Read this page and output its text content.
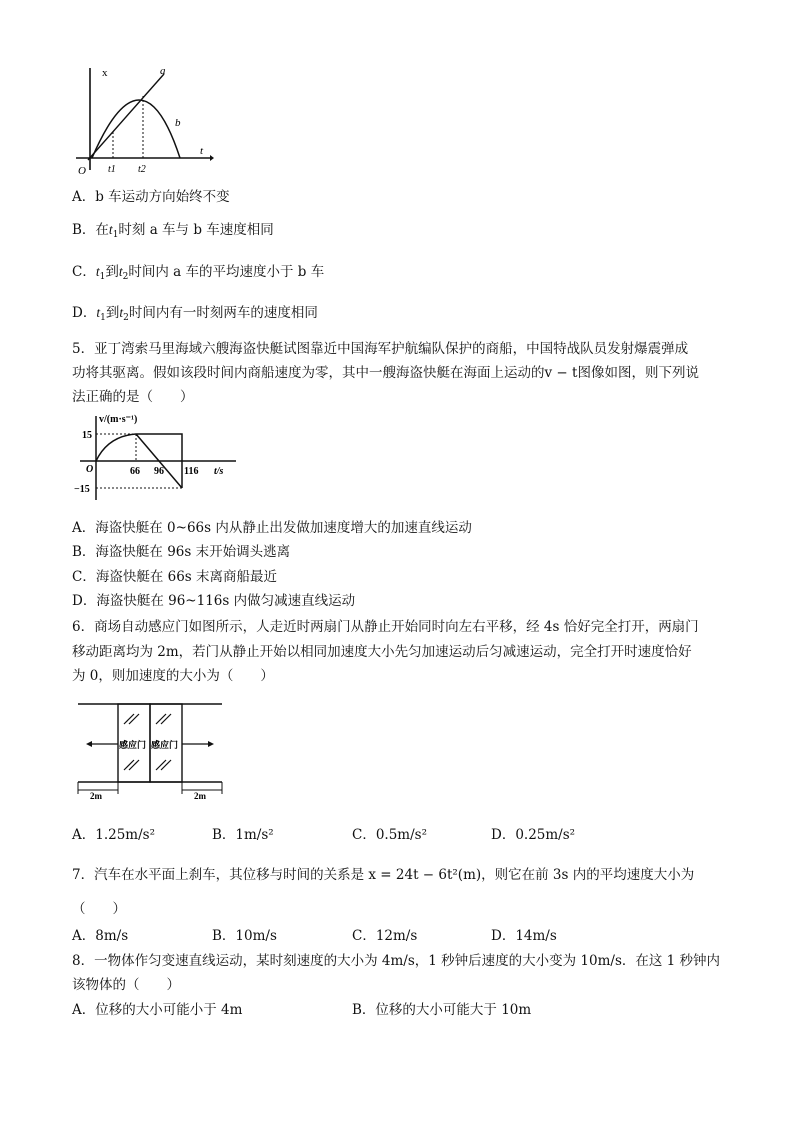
x
O
t
a
b
t1 t2
A．b 车运动方向始终不变
B．在$t_1$时刻 a 车与 b 车速度相同
C．$t_1$到$t_2$时间内 a 车的平均速度小于 b 车
D．$t_1$到$t_2$时间内有一时刻两车的速度相同
5．亚丁湾索马里海域六艘海盗快艇试图靠近中国海军护航编队保护的商船，中国特战队员发射爆震弹成
功将其驱离。假如该段时间内商船速度为零，其中一艘海盗快艇在海面上运动的v − t图像如图，则下列说
法正确的是（　　）
v/(m·s⁻¹)
15
−15
O	66 96 116 t/s
A．海盗快艇在 0~66s 内从静止出发做加速度增大的加速直线运动
B．海盗快艇在 96s 末开始调头逃离
C．海盗快艇在 66s 末离商船最近
D．海盗快艇在 96~116s 内做匀减速直线运动
6．商场自动感应门如图所示，人走近时两扇门从静止开始同时向左右平移，经 4s 恰好完全打开，两扇门
移动距离均为 2m，若门从静止开始以相同加速度大小先匀加速运动后匀减速运动，完全打开时速度恰好
为 0，则加速度的大小为（　　）
感应门 感应门
2m	2m
A．1.25m/s²	B．1m/s²	C．0.5m/s²	D．0.25m/s²
7．汽车在水平面上刹车，其位移与时间的关系是 x = 24t − 6t²(m)，则它在前 3s 内的平均速度大小为
（　　）
A．8m/s	B．10m/s	C．12m/s	D．14m/s
8．一物体作匀变速直线运动，某时刻速度的大小为 4m/s，1 秒钟后速度的大小变为 10m/s．在这 1 秒钟内
该物体的（　　）
A．位移的大小可能小于 4m	B．位移的大小可能大于 10m
